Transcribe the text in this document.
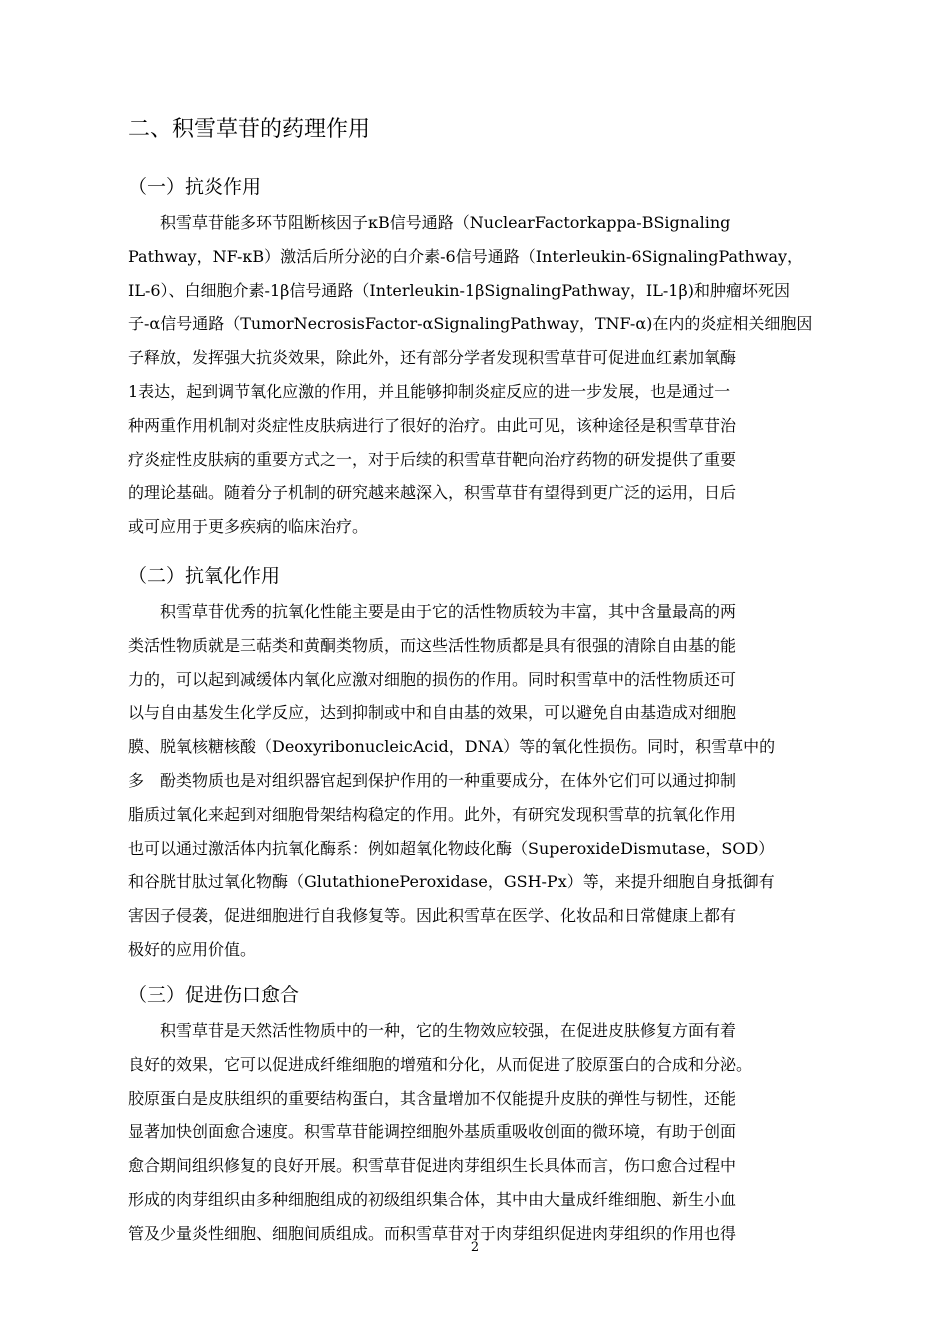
二、积雪草苷的药理作用
（一）抗炎作用
　　积雪草苷能多环节阻断核因子κB信号通路（NuclearFactorkappa-BSignaling
Pathway，NF-κB）激活后所分泌的白介素-6信号通路（Interleukin-6SignalingPathway，
IL-6）、白细胞介素-1β信号通路（Interleukin-1βSignalingPathway，IL-1β)和肿瘤坏死因
子-α信号通路（TumorNecrosisFactor-αSignalingPathway，TNF-α)在内的炎症相关细胞因
子释放，发挥强大抗炎效果，除此外，还有部分学者发现积雪草苷可促进血红素加氧酶
1表达，起到调节氧化应激的作用，并且能够抑制炎症反应的进一步发展，也是通过一
种两重作用机制对炎症性皮肤病进行了很好的治疗。由此可见，该种途径是积雪草苷治
疗炎症性皮肤病的重要方式之一，对于后续的积雪草苷靶向治疗药物的研发提供了重要
的理论基础。随着分子机制的研究越来越深入，积雪草苷有望得到更广泛的运用，日后
或可应用于更多疾病的临床治疗。
（二）抗氧化作用
　　积雪草苷优秀的抗氧化性能主要是由于它的活性物质较为丰富，其中含量最高的两
类活性物质就是三萜类和黄酮类物质，而这些活性物质都是具有很强的清除自由基的能
力的，可以起到减缓体内氧化应激对细胞的损伤的作用。同时积雪草中的活性物质还可
以与自由基发生化学反应，达到抑制或中和自由基的效果，可以避免自由基造成对细胞
膜、脱氧核糖核酸（DeoxyribonucleicAcid，DNA）等的氧化性损伤。同时，积雪草中的
多　酚类物质也是对组织器官起到保护作用的一种重要成分，在体外它们可以通过抑制
脂质过氧化来起到对细胞骨架结构稳定的作用。此外，有研究发现积雪草的抗氧化作用
也可以通过激活体内抗氧化酶系：例如超氧化物歧化酶（SuperoxideDismutase，SOD）
和谷胱甘肽过氧化物酶（GlutathionePeroxidase，GSH-Px）等，来提升细胞自身抵御有
害因子侵袭，促进细胞进行自我修复等。因此积雪草在医学、化妆品和日常健康上都有
极好的应用价值。
（三）促进伤口愈合
　　积雪草苷是天然活性物质中的一种，它的生物效应较强，在促进皮肤修复方面有着
良好的效果，它可以促进成纤维细胞的增殖和分化，从而促进了胶原蛋白的合成和分泌。
胶原蛋白是皮肤组织的重要结构蛋白，其含量增加不仅能提升皮肤的弹性与韧性，还能
显著加快创面愈合速度。积雪草苷能调控细胞外基质重吸收创面的微环境，有助于创面
愈合期间组织修复的良好开展。积雪草苷促进肉芽组织生长具体而言，伤口愈合过程中
形成的肉芽组织由多种细胞组成的初级组织集合体，其中由大量成纤维细胞、新生小血
管及少量炎性细胞、细胞间质组成。而积雪草苷对于肉芽组织促进肉芽组织的作用也得
2
